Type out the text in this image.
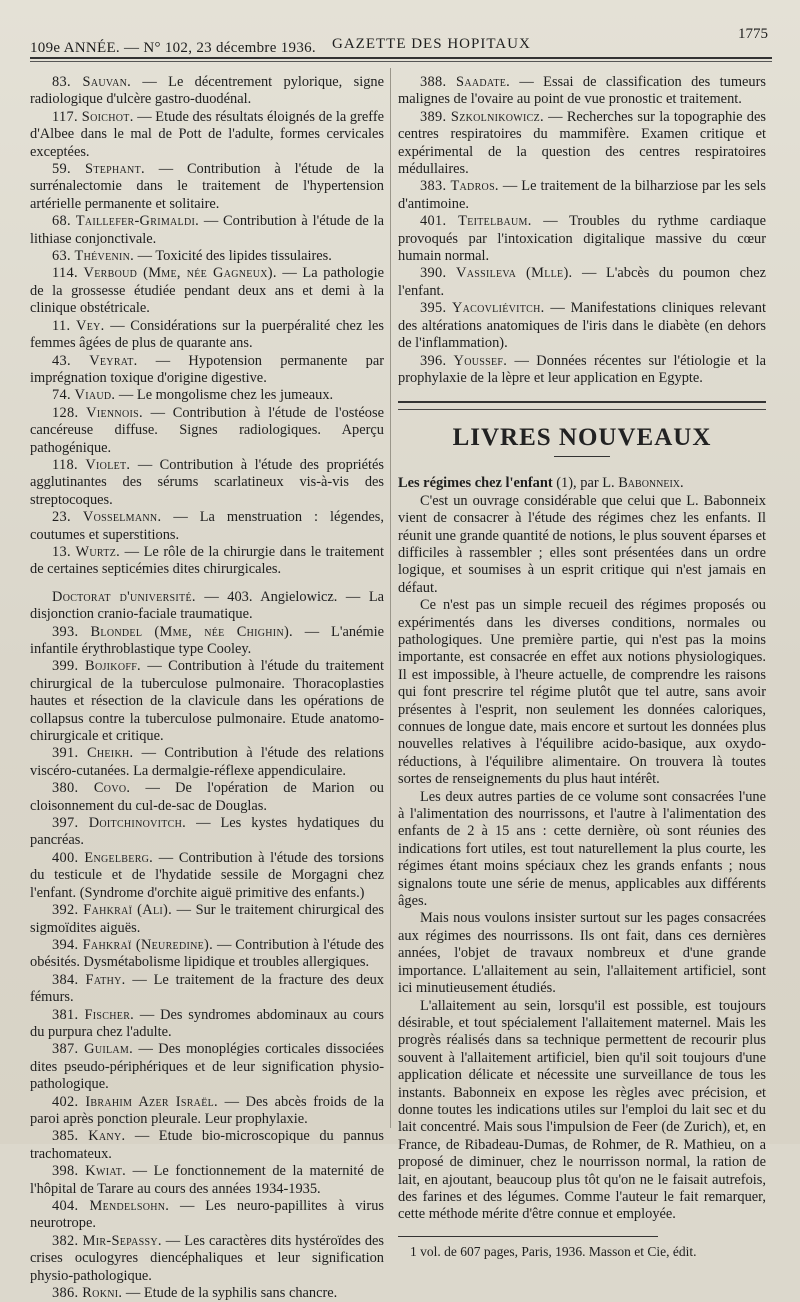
109e ANNÉE. — N° 102, 23 décembre 1936. GAZETTE DES HOPITAUX
1775

83. Sauvan. — Le décentrement pylorique, signe radiologique d'ulcère gastro-duodénal.

117. Soichot. — Etude des résultats éloignés de la greffe d'Albee dans le mal de Pott de l'adulte, formes cervicales exceptées.

59. Stephant. — Contribution à l'étude de la surrénalectomie dans le traitement de l'hypertension artérielle permanente et solitaire.

68. Taillefer-Grimaldi. — Contribution à l'étude de la lithiase conjonctivale.

63. Thévenin. — Toxicité des lipides tissulaires.

114. Verboud (Mme, née Gagneux). — La pathologie de la grossesse étudiée pendant deux ans et demi à la clinique obstétricale.

11. Vey. — Considérations sur la puerpéralité chez les femmes âgées de plus de quarante ans.

43. Veyrat. — Hypotension permanente par imprégnation toxique d'origine digestive.

74. Viaud. — Le mongolisme chez les jumeaux.

128. Viennois. — Contribution à l'étude de l'ostéose cancéreuse diffuse. Signes radiologiques. Aperçu pathogénique.

118. Violet. — Contribution à l'étude des propriétés agglutinantes des sérums scarlatineux vis-à-vis des streptocoques.

23. Vosselmann. — La menstruation : légendes, coutumes et superstitions.

13. Wurtz. — Le rôle de la chirurgie dans le traitement de certaines septicémies dites chirurgicales.

Doctorat d'université. — 403. Angielowicz. — La disjonction cranio-faciale traumatique.

393. Blondel (Mme, née Chighin). — L'anémie infantile érythroblastique type Cooley.

399. Bojikoff. — Contribution à l'étude du traitement chirurgical de la tuberculose pulmonaire. Thoracoplasties hautes et résection de la clavicule dans les opérations de collapsus contre la tuberculose pulmonaire. Etude anatomo-chirurgicale et critique.

391. Cheikh. — Contribution à l'étude des relations viscéro-cutanées. La dermalgie-réflexe appendiculaire.

380. Covo. — De l'opération de Marion ou cloisonnement du cul-de-sac de Douglas.

397. Doitchinovitch. — Les kystes hydatiques du pancréas.

400. Engelberg. — Contribution à l'étude des torsions du testicule et de l'hydatide sessile de Morgagni chez l'enfant. (Syndrome d'orchite aiguë primitive des enfants.)

392. Fahkraï (Ali). — Sur le traitement chirurgical des sigmoïdites aiguës.

394. Fahkraï (Neuredine). — Contribution à l'étude des obésités. Dysmétabolisme lipidique et troubles allergiques.

384. Fathy. — Le traitement de la fracture des deux fémurs.

381. Fischer. — Des syndromes abdominaux au cours du purpura chez l'adulte.

387. Guilam. — Des monoplégies corticales dissociées dites pseudo-périphériques et de leur signification physio-pathologique.

402. Ibrahim Azer Israël. — Des abcès froids de la paroi après ponction pleurale. Leur prophylaxie.

385. Kany. — Etude bio-microscopique du pannus trachomateux.

398. Kwiat. — Le fonctionnement de la maternité de l'hôpital de Tarare au cours des années 1934-1935.

404. Mendelsohn. — Les neuro-papillites à virus neurotrope.

382. Mir-Sepassy. — Les caractères dits hystéroïdes des crises oculogyres diencéphaliques et leur signification physio-pathologique.

386. Rokni. — Etude de la syphilis sans chancre.

388. Saadate. — Essai de classification des tumeurs malignes de l'ovaire au point de vue pronostic et traitement.

389. Szkolnikowicz. — Recherches sur la topographie des centres respiratoires du mammifère. Examen critique et expérimental de la question des centres respiratoires médullaires.

383. Tadros. — Le traitement de la bilharziose par les sels d'antimoine.

401. Teitelbaum. — Troubles du rythme cardiaque provoqués par l'intoxication digitalique massive du cœur humain normal.

390. Vassileva (Mlle). — L'abcès du poumon chez l'enfant.

395. Yacovliévitch. — Manifestations cliniques relevant des altérations anatomiques de l'iris dans le diabète (en dehors de l'inflammation).

396. Youssef. — Données récentes sur l'étiologie et la prophylaxie de la lèpre et leur application en Egypte.

LIVRES NOUVEAUX

Les régimes chez l'enfant (1), par L. Babonneix.

C'est un ouvrage considérable que celui que L. Babonneix vient de consacrer à l'étude des régimes chez les enfants. Il réunit une grande quantité de notions, le plus souvent éparses et difficiles à rassembler ; elles sont présentées dans un ordre logique, et soumises à un esprit critique qui n'est jamais en défaut.

Ce n'est pas un simple recueil des régimes proposés ou expérimentés dans les diverses conditions, normales ou pathologiques. Une première partie, qui n'est pas la moins importante, est consacrée en effet aux notions physiologiques. Il est impossible, à l'heure actuelle, de comprendre les raisons qui font prescrire tel régime plutôt que tel autre, sans avoir présentes à l'esprit, non seulement les données caloriques, connues de longue date, mais encore et surtout les données plus nouvelles relatives à l'équilibre acido-basique, aux oxydo-réductions, à l'équilibre alimentaire. On trouvera là toutes sortes de renseignements du plus haut intérêt.

Les deux autres parties de ce volume sont consacrées l'une à l'alimentation des nourrissons, et l'autre à l'alimentation des enfants de 2 à 15 ans : cette dernière, où sont réunies des indications fort utiles, est tout naturellement la plus courte, les régimes étant moins spéciaux chez les grands enfants ; nous signalons toute une série de menus, applicables aux différents âges.

Mais nous voulons insister surtout sur les pages consacrées aux régimes des nourrissons. Ils ont fait, dans ces dernières années, l'objet de travaux nombreux et d'une grande importance. L'allaitement au sein, l'allaitement artificiel, sont ici minutieusement étudiés.

L'allaitement au sein, lorsqu'il est possible, est toujours désirable, et tout spécialement l'allaitement maternel. Mais les progrès réalisés dans sa technique permettent de recourir plus souvent à l'allaitement artificiel, bien qu'il soit toujours d'une application délicate et nécessite une surveillance de tous les instants. Babonneix en expose les règles avec précision, et donne toutes les indications utiles sur l'emploi du lait sec et du lait concentré. Mais sous l'impulsion de Feer (de Zurich), et, en France, de Ribadeau-Dumas, de Rohmer, de R. Mathieu, on a proposé de diminuer, chez le nourrisson normal, la ration de lait, en ajoutant, beaucoup plus tôt qu'on ne le faisait autrefois, des farines et des légumes. Comme l'auteur le fait remarquer, cette méthode mérite d'être connue et employée.

1 vol. de 607 pages, Paris, 1936. Masson et Cie, édit.
